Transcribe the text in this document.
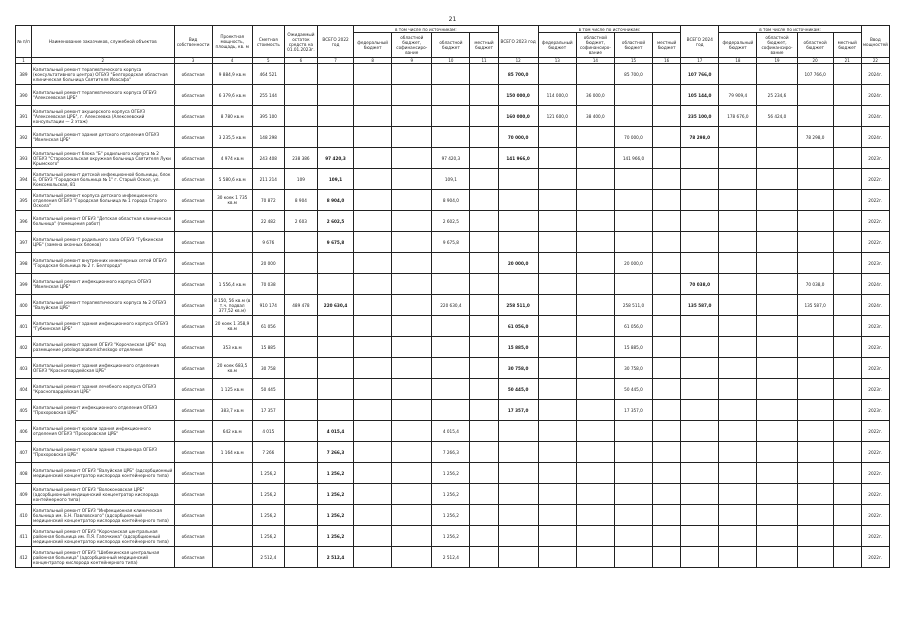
21
№ п/п	Наименование заказчиков, служебной объектов	Вид собственности	Проектная мощность, площадь, кв. м	Сметная стоимость	Ожидаемый остаток средств на 01.01.2023г.	ВСЕГО 2022 год	в том числе по источникам:				ВСЕГО 2023 год	в том числе по источникам:				ВСЕГО 2024 год	в том числе по источникам:				Ввод мощностей
							федеральный бюджет	областной бюджет, софинансиро-вание	областной бюджет	местный бюджет		федеральный бюджет	областной бюджет, софинансиро-вание	областной бюджет	местный бюджет		федеральный бюджет	областной бюджет, софинансиро-вание	областной бюджет	местный бюджет	
1	2	3	4	5	6	7	8	9	10	11	12	13	14	15	16	17	18	19	20	21	22
389	Капитальный ремонт терапевтического корпуса (консультативного центра) ОГБУЗ "Белгородская областная клиническая больница Святителя Иоасафа"	областная	9 884,9 кв.м	464 521							85 700,0			85 700,0		107 766,0			107 766,0		2024г.
390	Капитальный ремонт терапевтического корпуса ОГБУЗ "Алексеевская ЦРБ"	областная	6 379,6 кв.м	255 144							150 000,0	114 000,0	36 000,0			105 144,0	79 909,4	25 234,6			2024г.
391	Капитальный ремонт акушерского корпуса ОГБУЗ "Алексеевская ЦРБ", г. Алексеевка (Алексеевский консультации — 2 этаж)	областная	8 780 кв.м	395 100							160 000,0	121 600,0	38 400,0			235 100,0	178 676,0	56 424,0			2024г.
392	Капитальный ремонт здания детского отделения ОГБУЗ "Ивнянская ЦРБ"	областная	3 235,5 кв.м	148 298							70 000,0			70 000,0		78 298,0			78 298,0		2024г.
393	Капитальный ремонт блока "Б" родильного корпуса № 2 ОГБУЗ "Старооскольская окружная больница Святителя Луки Крымского"	областная	4 974 кв.м	243 408	238 386	97 420,3			97 420,3		141 966,0			141 966,0							2023г.
394	Капитальный ремонт детской инфекционной больницы, блок Б, ОГБУЗ "Городская больница № 1" г. Старый Оскол, ул. Комсомольская, 81	областная	5 580,6 кв.м	211 214	109	109,1			109,1												2022г.
395	Капитальный ремонт корпуса детского инфекционного отделения ОГБУЗ "Городская больница № 1 города Старого Оскола"	областная	30 коек 1 735 кв.м	70 872	8 904	8 904,0			8 904,0												2022г.
396	Капитальный ремонт ОГБУЗ "Детская областная клиническая больница" (помещения работ)	областная		22 482	2 603	2 602,5			2 602,5												2022г.
397	Капитальный ремонт родильного зала ОГБУЗ "Губкинская ЦРБ" (замена оконных блоков)	областная		9 676		9 675,8			9 675,8												2022г.
398	Капитальный ремонт внутренних инженерных сетей ОГБУЗ "Городская больница № 2 г. Белгорода"	областная		20 000							20 000,0			20 000,0							2023г.
399	Капитальный ремонт инфекционного корпуса ОГБУЗ "Ивнянская ЦРБ"	областная	1 556,4 кв.м	70 038												70 038,0			70 038,0		2024г.
400	Капитальный ремонт терапевтического корпуса № 2 ОГБУЗ "Валуйская ЦРБ"	областная	8 150, 56 кв.м (в т.ч. подвал 377,52 кв.м)	910 174	489 478	220 630,4			220 630,4		258 511,0			258 511,0		135 587,0			135 587,0		2024г.
401	Капитальный ремонт здания инфекционного корпуса ОГБУЗ "Губкинская ЦРБ"	областная	20 коек 1 358,9 кв.м	61 056							61 056,0			61 056,0							2023г.
402	Капитальный ремонт здания ОГБУЗ "Корочанская ЦРБ" под размещение patologoanatomicheskogo отделения	областная	353 кв.м	15 885							15 885,0			15 885,0							2023г.
403	Капитальный ремонт здания инфекционного отделения ОГБУЗ "Красногвардейская ЦРБ"	областная	20 коек 683,5 кв.м	30 758							30 758,0			30 758,0							2023г.
404	Капитальный ремонт здания лечебного корпуса ОГБУЗ "Красногвардейская ЦРБ"	областная	1 125 кв.м	50 445							50 445,0			50 445,0							2023г.
405	Капитальный ремонт инфекционного отделения ОГБУЗ "Прохоровская ЦРБ"	областная	383,7 кв.м	17 357							17 357,0			17 357,0							2023г.
406	Капитальный ремонт кровли здания инфекционного отделения ОГБУЗ "Прохоровская ЦРБ"	областная	642 кв.м	4 015		4 015,4			4 015,4												2022г.
407	Капитальный ремонт кровли здания стационара ОГБУЗ "Прохоровская ЦРБ"	областная	1 164 кв.м	7 266		7 266,3			7 266,3												2022г.
408	Капитальный ремонт ОГБУЗ "Валуйская ЦРБ" (адсорбционный медицинский концентратор кислорода контейнерного типа)	областная		1 256,2		1 256,2			1 256,2												2022г.
409	Капитальный ремонт ОГБУЗ "Волоконовская ЦРБ" (адсорбционный медицинский концентратор кислорода контейнерного типа)	областная		1 256,2		1 256,2			1 256,2												2022г.
410	Капитальный ремонт ОГБУЗ "Инфекционная клиническая больница им. Е.Н. Павловского" (адсорбционный медицинский концентратор кислорода контейнерного типа)	областная		1 256,2		1 256,2			1 256,2												2022г.
411	Капитальный ремонт ОГБУЗ "Корочанская центральная районная больница им. П.Я. Гапочкина" (адсорбционный медицинский концентратор кислорода контейнерного типа)	областная		1 256,2		1 256,2			1 256,2												2022г.
412	Капитальный ремонт ОГБУЗ "Шебекинская центральная районная больница" (адсорбционный медицинский концентратор кислорода контейнерного типа)	областная		2 512,4		2 512,4			2 512,4												2022г.
